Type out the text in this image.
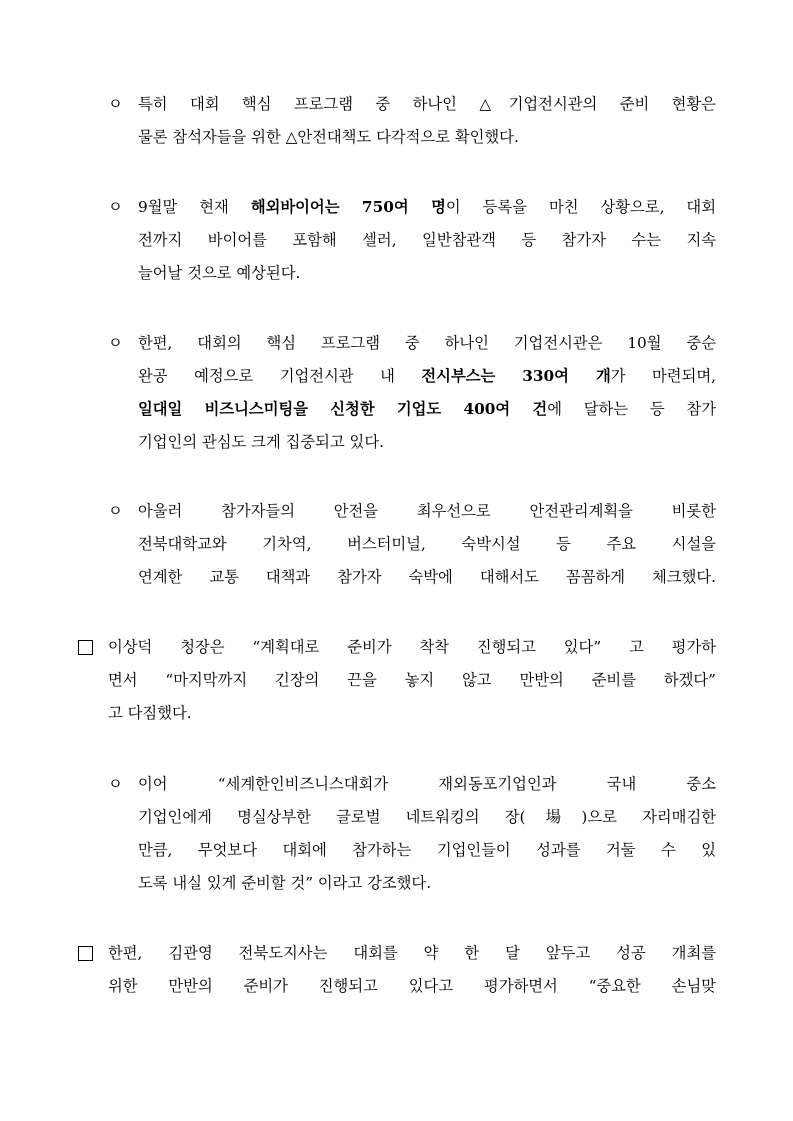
ㅇ 특히 대회 핵심 프로그램 중 하나인 △기업전시관의 준비 현황은
물론 참석자들을 위한 △안전대책도 다각적으로 확인했다.
ㅇ 9월말 현재 해외바이어는 750여 명이 등록을 마친 상황으로, 대회
전까지 바이어를 포함해 셀러, 일반참관객 등 참가자 수는 지속
늘어날 것으로 예상된다.
ㅇ 한편, 대회의 핵심 프로그램 중 하나인 기업전시관은 10월 중순
완공 예정으로 기업전시관 내 전시부스는 330여 개가 마련되며,
일대일 비즈니스미팅을 신청한 기업도 400여 건에 달하는 등 참가
기업인의 관심도 크게 집중되고 있다.
ㅇ 아울러 참가자들의 안전을 최우선으로 안전관리계획을 비롯한
전북대학교와 기차역, 버스터미널, 숙박시설 등 주요 시설을
연계한 교통 대책과 참가자 숙박에 대해서도 꼼꼼하게 체크했다.
이상덕 청장은 “계획대로 준비가 착착 진행되고 있다” 고 평가하
면서 “마지막까지 긴장의 끈을 놓지 않고 만반의 준비를 하겠다”
고 다짐했다.
ㅇ 이어 “세계한인비즈니스대회가 재외동포기업인과 국내 중소
기업인에게 명실상부한 글로벌 네트워킹의 장(場)으로 자리매김한
만큼, 무엇보다 대회에 참가하는 기업인들이 성과를 거둘 수 있
도록 내실 있게 준비할 것” 이라고 강조했다.
한편, 김관영 전북도지사는 대회를 약 한 달 앞두고 성공 개최를
위한 만반의 준비가 진행되고 있다고 평가하면서 “중요한 손님맞
